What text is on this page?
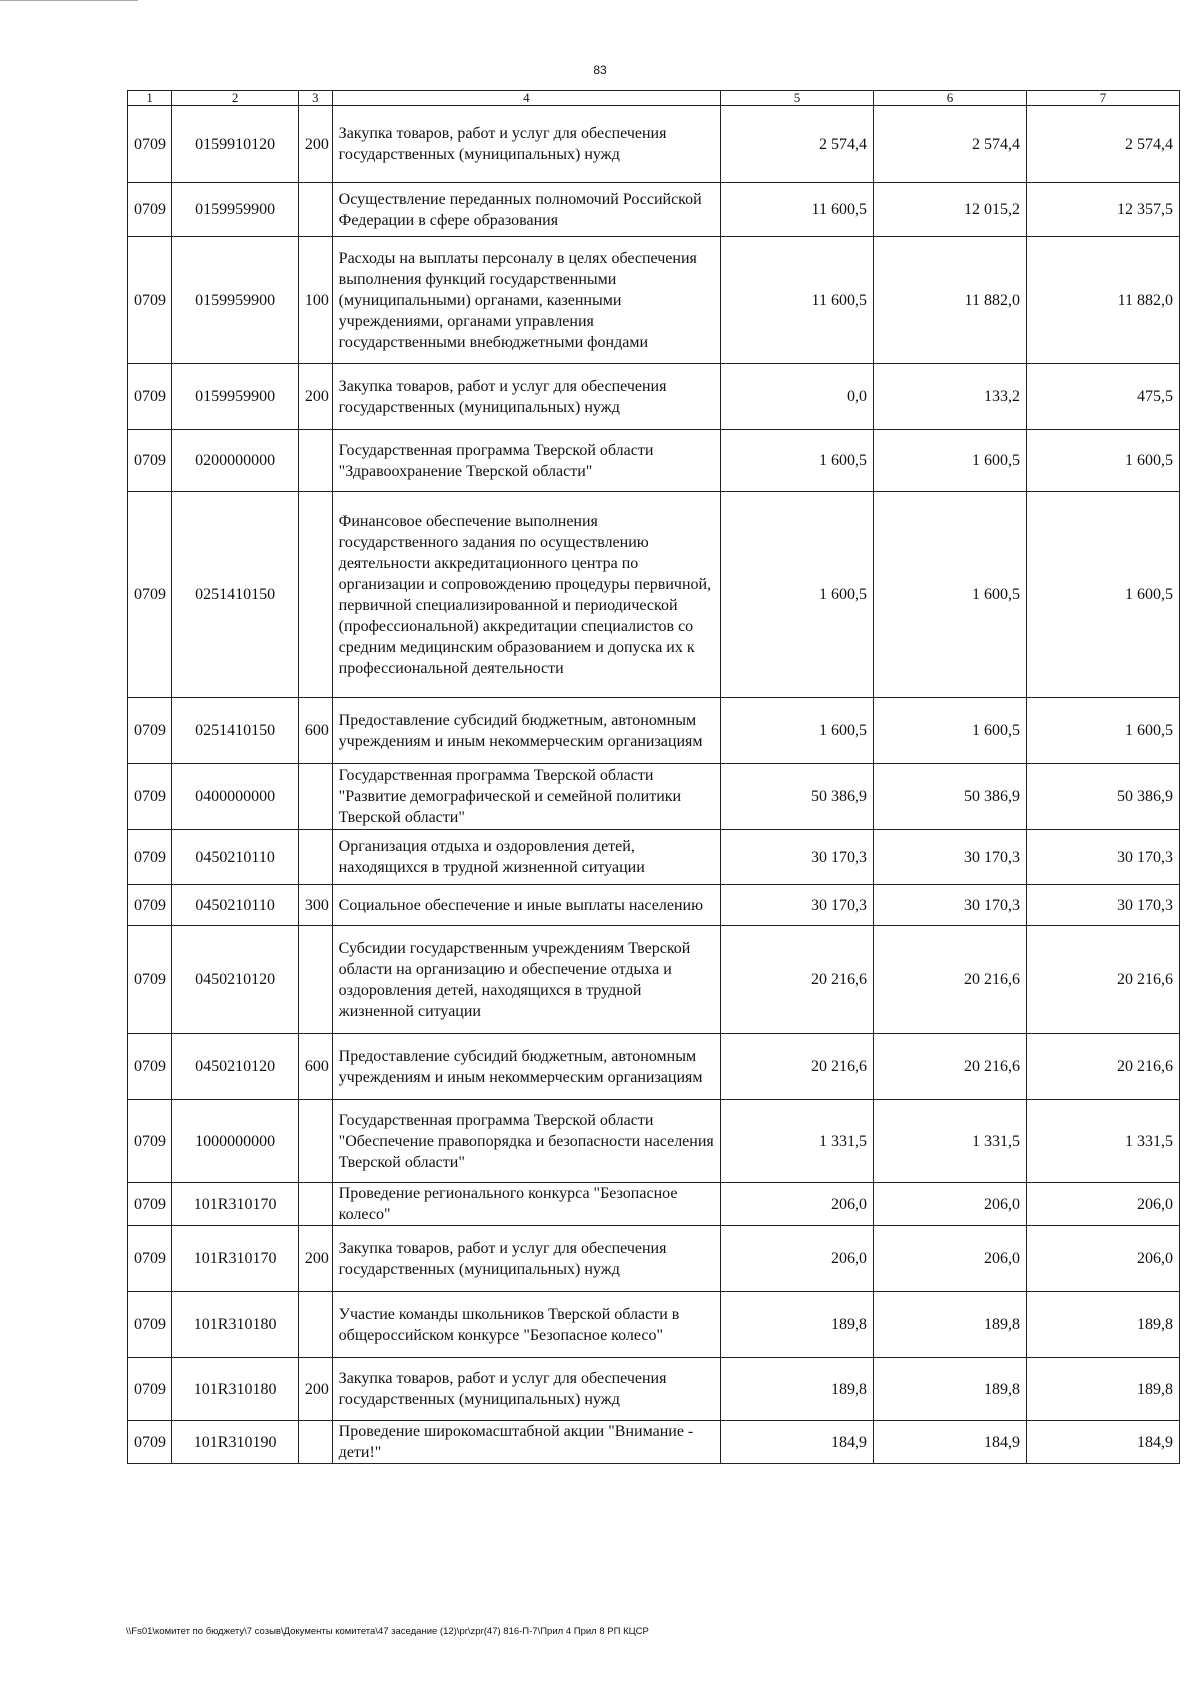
83
1	2	3	4	5	6	7
0709	0159910120	200	Закупка товаров, работ и услуг для обеспечения государственных (муниципальных) нужд	2 574,4	2 574,4	2 574,4
0709	0159959900		Осуществление переданных полномочий Российской Федерации в сфере образования	11 600,5	12 015,2	12 357,5
0709	0159959900	100	Расходы на выплаты персоналу в целях обеспечения выполнения функций государственными (муниципальными) органами, казенными учреждениями, органами управления государственными внебюджетными фондами	11 600,5	11 882,0	11 882,0
0709	0159959900	200	Закупка товаров, работ и услуг для обеспечения государственных (муниципальных) нужд	0,0	133,2	475,5
0709	0200000000		Государственная программа Тверской области "Здравоохранение Тверской области"	1 600,5	1 600,5	1 600,5
0709	0251410150		Финансовое обеспечение выполнения государственного задания по осуществлению деятельности аккредитационного центра по организации и сопровождению процедуры первичной, первичной специализированной и периодической (профессиональной) аккредитации специалистов со средним медицинским образованием и допуска их к профессиональной деятельности	1 600,5	1 600,5	1 600,5
0709	0251410150	600	Предоставление субсидий бюджетным, автономным учреждениям и иным некоммерческим организациям	1 600,5	1 600,5	1 600,5
0709	0400000000		Государственная программа Тверской области "Развитие демографической и семейной политики Тверской области"	50 386,9	50 386,9	50 386,9
0709	0450210110		Организация отдыха и оздоровления детей, находящихся в трудной жизненной ситуации	30 170,3	30 170,3	30 170,3
0709	0450210110	300	Социальное обеспечение и иные выплаты населению	30 170,3	30 170,3	30 170,3
0709	0450210120		Субсидии государственным учреждениям Тверской области на организацию и обеспечение отдыха и оздоровления детей, находящихся в трудной жизненной ситуации	20 216,6	20 216,6	20 216,6
0709	0450210120	600	Предоставление субсидий бюджетным, автономным учреждениям и иным некоммерческим организациям	20 216,6	20 216,6	20 216,6
0709	1000000000		Государственная программа Тверской области "Обеспечение правопорядка и безопасности населения Тверской области"	1 331,5	1 331,5	1 331,5
0709	101R310170		Проведение регионального конкурса "Безопасное колесо"	206,0	206,0	206,0
0709	101R310170	200	Закупка товаров, работ и услуг для обеспечения государственных (муниципальных) нужд	206,0	206,0	206,0
0709	101R310180		Участие команды школьников Тверской области в общероссийском конкурсе "Безопасное колесо"	189,8	189,8	189,8
0709	101R310180	200	Закупка товаров, работ и услуг для обеспечения государственных (муниципальных) нужд	189,8	189,8	189,8
0709	101R310190		Проведение широкомасштабной акции "Внимание - дети!"	184,9	184,9	184,9
\\Fs01\комитет по бюджету\7 созыв\Документы комитета\47 заседание (12)\pr\zpr(47) 816-П-7\Прил 4 Прил 8 РП КЦСР
